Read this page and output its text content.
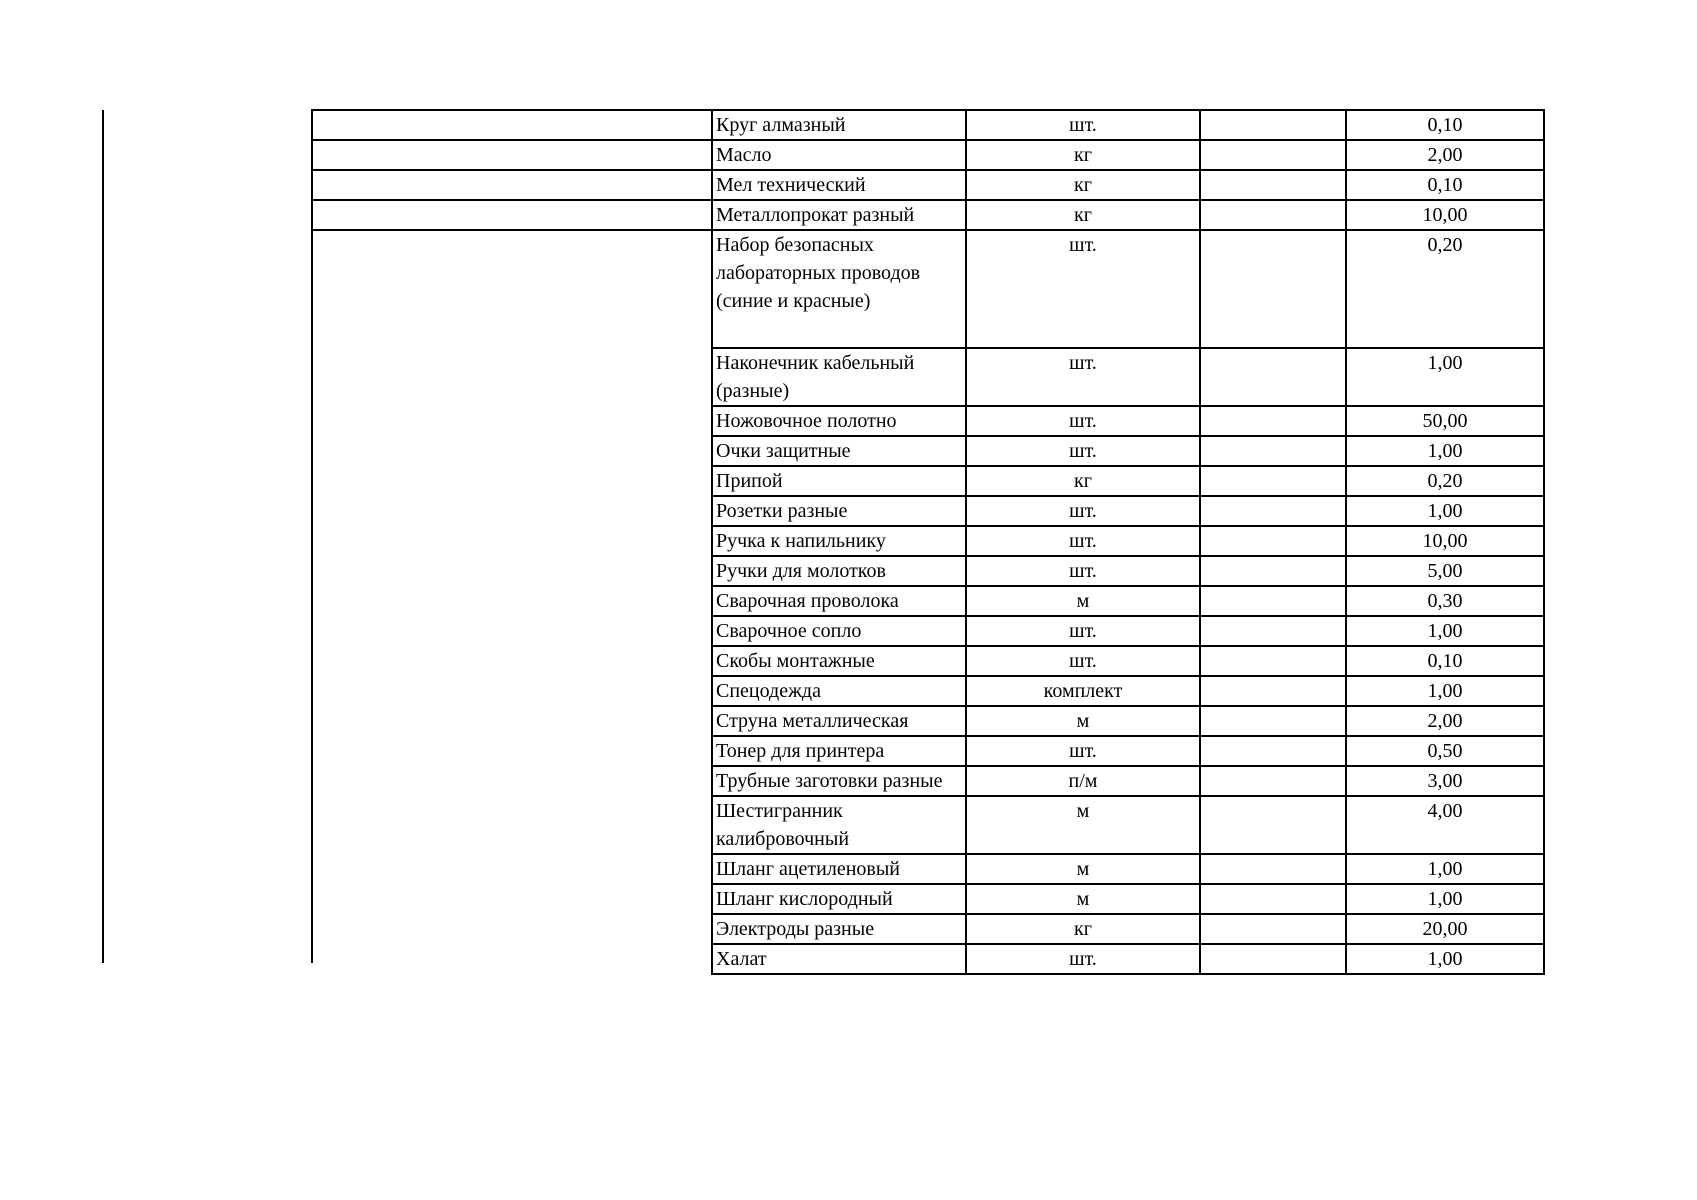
	Круг алмазный	шт.		0,10
	Масло	кг		2,00
	Мел технический	кг		0,10
	Металлопрокат разный	кг		10,00
	Набор безопасных лабораторных проводов (синие и красные)	шт.		0,20
	Наконечник кабельный (разные)	шт.		1,00
	Ножовочное полотно	шт.		50,00
	Очки защитные	шт.		1,00
	Припой	кг		0,20
	Розетки разные	шт.		1,00
	Ручка к напильнику	шт.		10,00
	Ручки для молотков	шт.		5,00
	Сварочная проволока	м		0,30
	Сварочное сопло	шт.		1,00
	Скобы монтажные	шт.		0,10
	Спецодежда	комплект		1,00
	Струна металлическая	м		2,00
	Тонер для принтера	шт.		0,50
	Трубные заготовки разные	п/м		3,00
	Шестигранник калибровочный	м		4,00
	Шланг ацетиленовый	м		1,00
	Шланг кислородный	м		1,00
	Электроды разные	кг		20,00
	Халат	шт.		1,00
